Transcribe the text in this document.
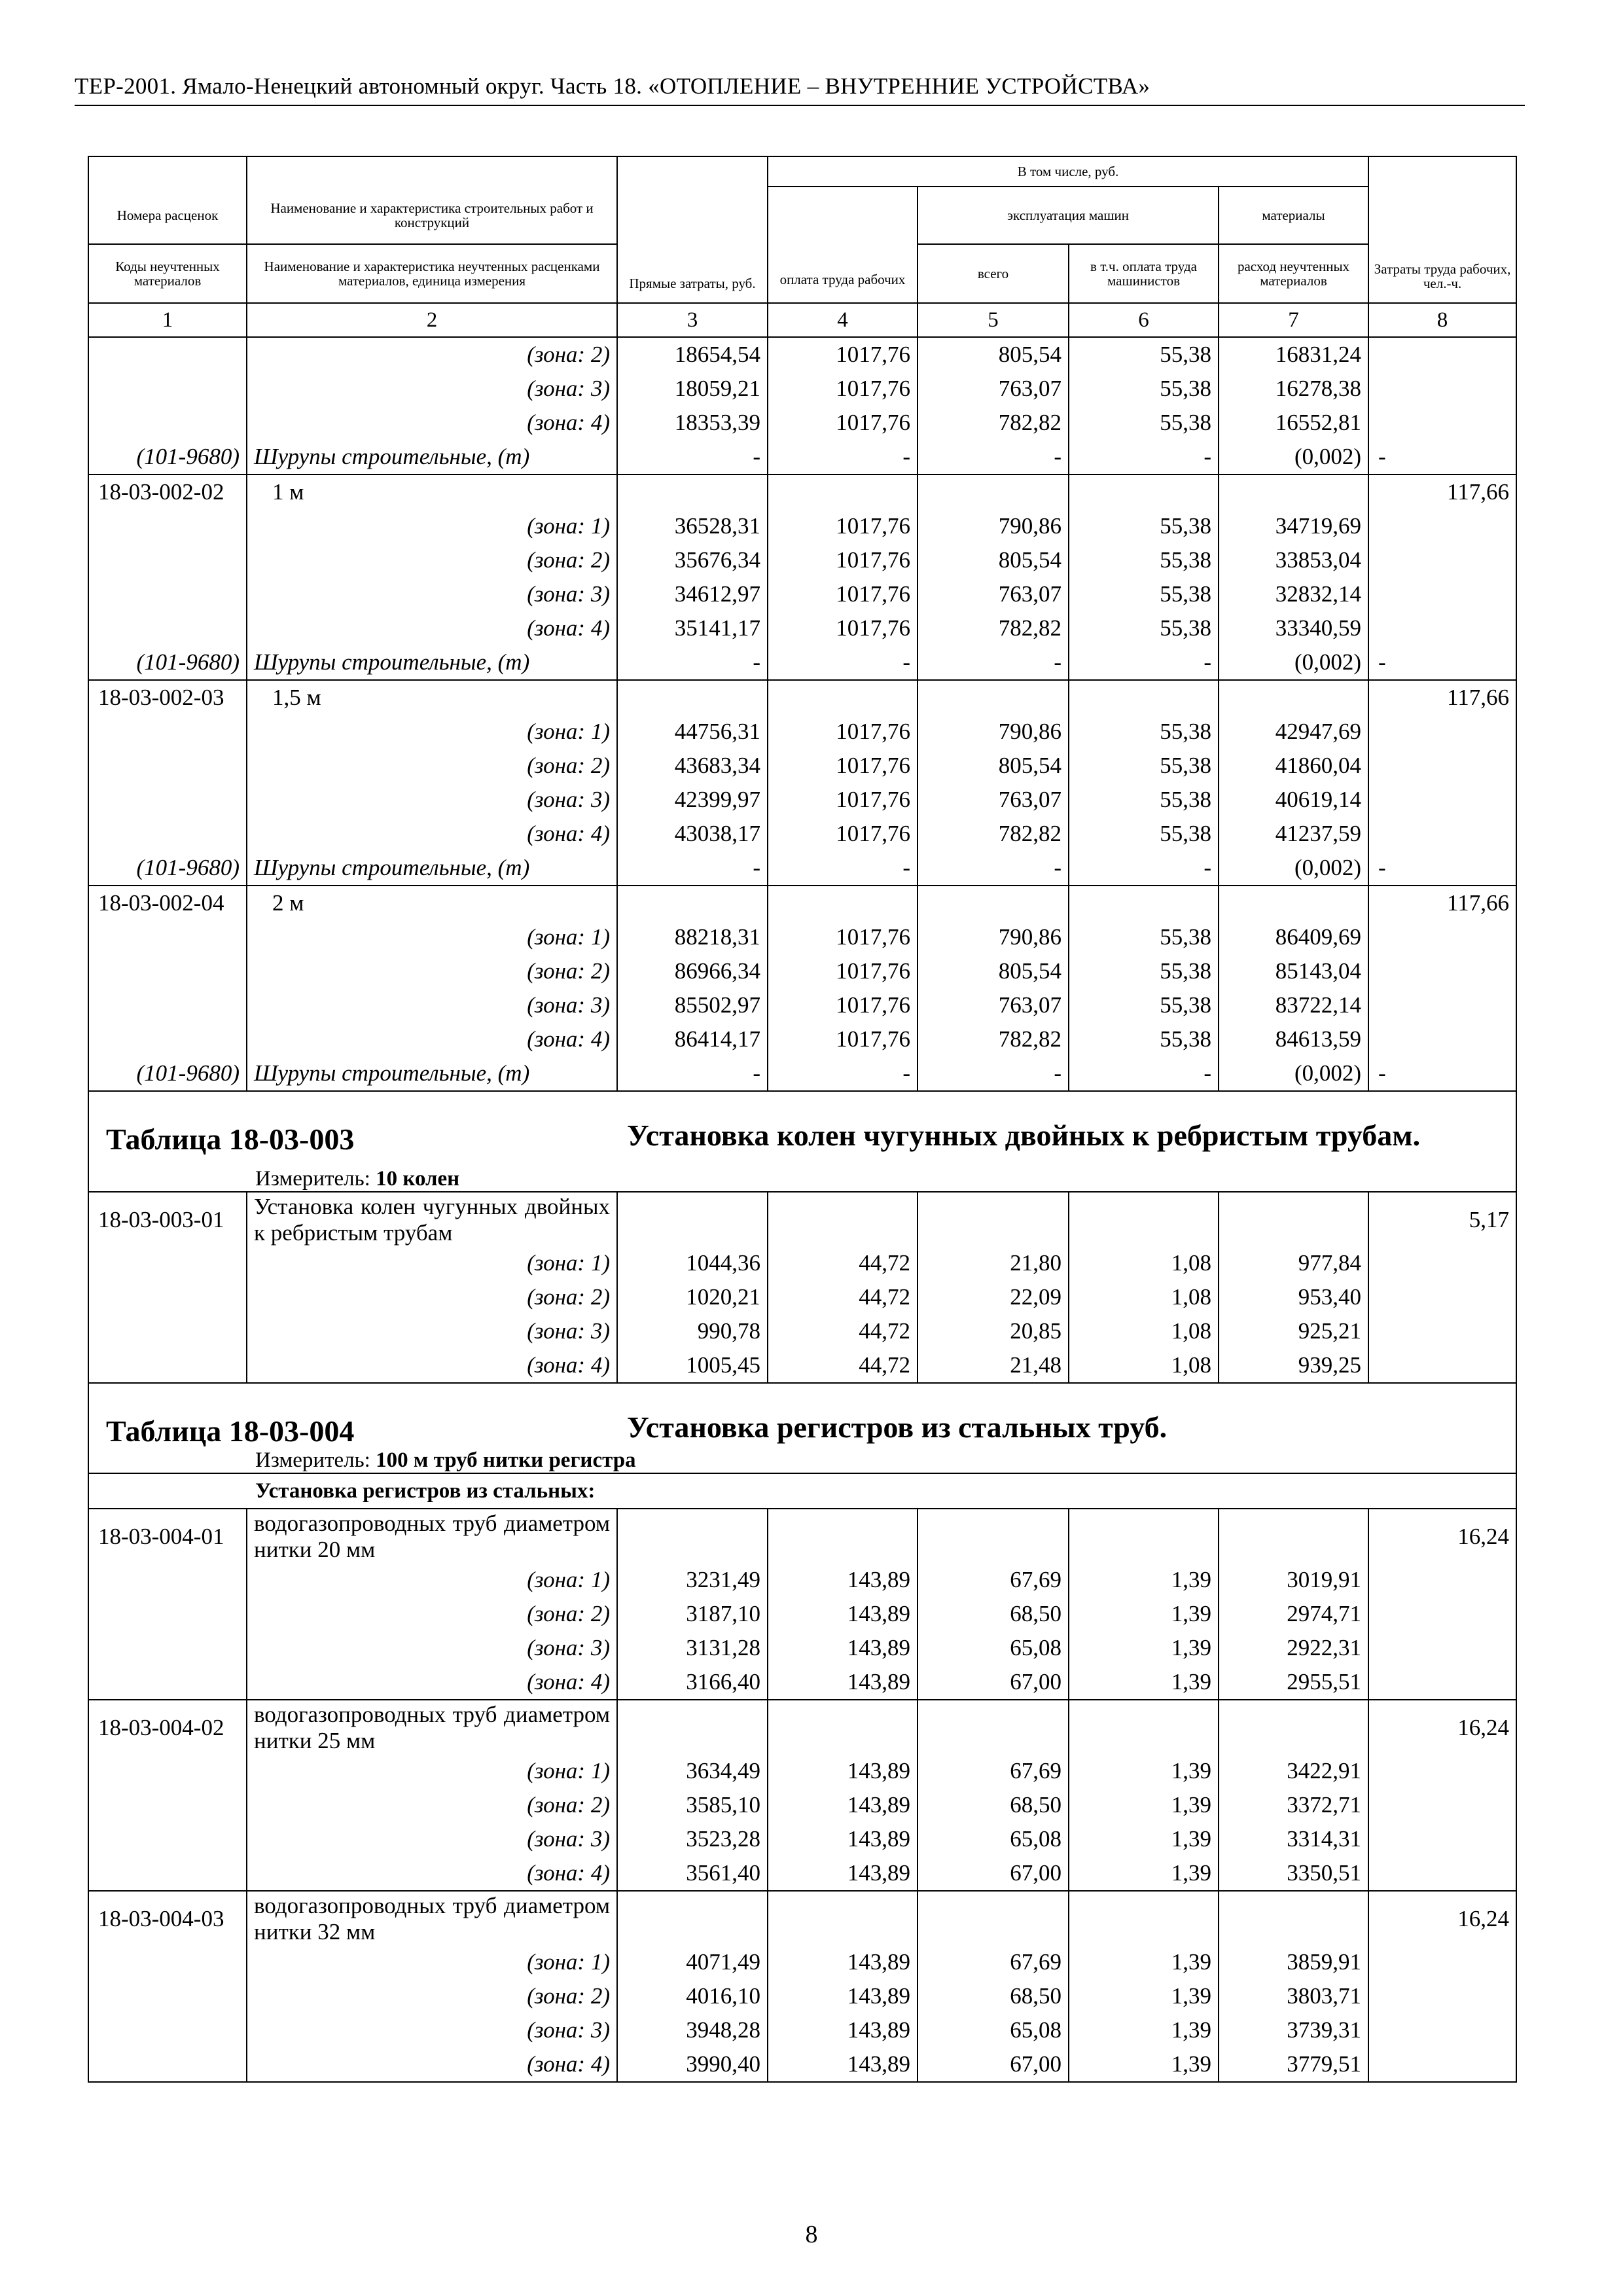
ТЕР-2001. Ямало-Ненецкий автономный округ. Часть 18. «ОТОПЛЕНИЕ – ВНУТРЕННИЕ УСТРОЙСТВА»
		Прямые затраты, руб.	В том числе, руб.				Затраты труда рабочих, чел.-ч.
Номера расценок	Наименование и характеристика строительных работ и конструкций		оплата труда рабочих	эксплуатация машин		материалы	
Коды неучтенных материалов	Наименование и характеристика неучтенных расценками материалов, единица измерения			всего	в т.ч. оплата труда машинистов	расход неучтенных материалов	
1	2	3	4	5	6	7	8
	(зона: 2)	18654,54	1017,76	805,54	55,38	16831,24	
	(зона: 3)	18059,21	1017,76	763,07	55,38	16278,38	
	(зона: 4)	18353,39	1017,76	782,82	55,38	16552,81	
(101-9680)	Шурупы строительные, (т)	-	-	-	-	(0,002)	-
18-03-002-02	1 м						117,66
	(зона: 1)	36528,31	1017,76	790,86	55,38	34719,69	
	(зона: 2)	35676,34	1017,76	805,54	55,38	33853,04	
	(зона: 3)	34612,97	1017,76	763,07	55,38	32832,14	
	(зона: 4)	35141,17	1017,76	782,82	55,38	33340,59	
(101-9680)	Шурупы строительные, (т)	-	-	-	-	(0,002)	-
18-03-002-03	1,5 м						117,66
	(зона: 1)	44756,31	1017,76	790,86	55,38	42947,69	
	(зона: 2)	43683,34	1017,76	805,54	55,38	41860,04	
	(зона: 3)	42399,97	1017,76	763,07	55,38	40619,14	
	(зона: 4)	43038,17	1017,76	782,82	55,38	41237,59	
(101-9680)	Шурупы строительные, (т)	-	-	-	-	(0,002)	-
18-03-002-04	2 м						117,66
	(зона: 1)	88218,31	1017,76	790,86	55,38	86409,69	
	(зона: 2)	86966,34	1017,76	805,54	55,38	85143,04	
	(зона: 3)	85502,97	1017,76	763,07	55,38	83722,14	
	(зона: 4)	86414,17	1017,76	782,82	55,38	84613,59	
(101-9680)	Шурупы строительные, (т)	-	-	-	-	(0,002)	-

Таблица 18-03-003 Установка колен чугунных двойных к ребристым трубам.							

Измеритель: 10 колен							
18-03-003-01	Установка колен чугунных двойных к ребристым трубам						5,17
	(зона: 1)	1044,36	44,72	21,80	1,08	977,84	
	(зона: 2)	1020,21	44,72	22,09	1,08	953,40	
	(зона: 3)	990,78	44,72	20,85	1,08	925,21	
	(зона: 4)	1005,45	44,72	21,48	1,08	939,25	

Таблица 18-03-004 Установка регистров из стальных труб.							

Измеритель: 100 м труб нитки регистра							
Установка регистров из стальных:							
18-03-004-01	водогазопроводных труб диаметром нитки 20 мм						16,24
	(зона: 1)	3231,49	143,89	67,69	1,39	3019,91	
	(зона: 2)	3187,10	143,89	68,50	1,39	2974,71	
	(зона: 3)	3131,28	143,89	65,08	1,39	2922,31	
	(зона: 4)	3166,40	143,89	67,00	1,39	2955,51	
18-03-004-02	водогазопроводных труб диаметром нитки 25 мм						16,24
	(зона: 1)	3634,49	143,89	67,69	1,39	3422,91	
	(зона: 2)	3585,10	143,89	68,50	1,39	3372,71	
	(зона: 3)	3523,28	143,89	65,08	1,39	3314,31	
	(зона: 4)	3561,40	143,89	67,00	1,39	3350,51	
18-03-004-03	водогазопроводных труб диаметром нитки 32 мм						16,24
	(зона: 1)	4071,49	143,89	67,69	1,39	3859,91	
	(зона: 2)	4016,10	143,89	68,50	1,39	3803,71	
	(зона: 3)	3948,28	143,89	65,08	1,39	3739,31	
	(зона: 4)	3990,40	143,89	67,00	1,39	3779,51	
8
